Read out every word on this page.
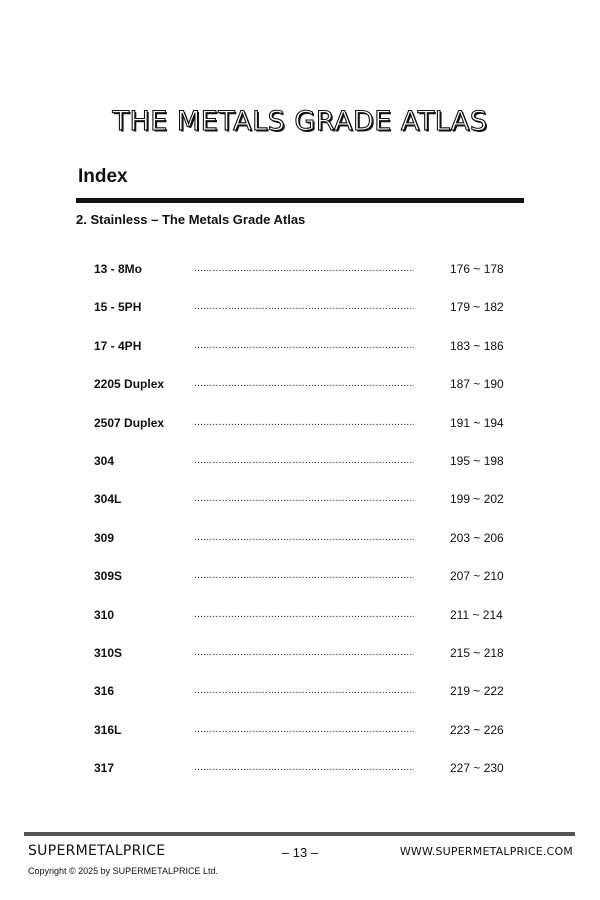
THE METALS GRADE ATLAS
Index
2. Stainless – The Metals Grade Atlas
13 - 8Mo .....	176 ~ 178
15 - 5PH .....	179 ~ 182
17 - 4PH .....	183 ~ 186
2205 Duplex .....	187 ~ 190
2507 Duplex .....	191 ~ 194
304 .....	195 ~ 198
304L .....	199 ~ 202
309 .....	203 ~ 206
309S .....	207 ~ 210
310 .....	211 ~ 214
310S .....	215 ~ 218
316 .....	219 ~ 222
316L .....	223 ~ 226
317 .....	227 ~ 230
SUPERMETALPRICE	– 13 –	WWW.SUPERMETALPRICE.COM
Copyright © 2025 by SUPERMETALPRICE Ltd.
